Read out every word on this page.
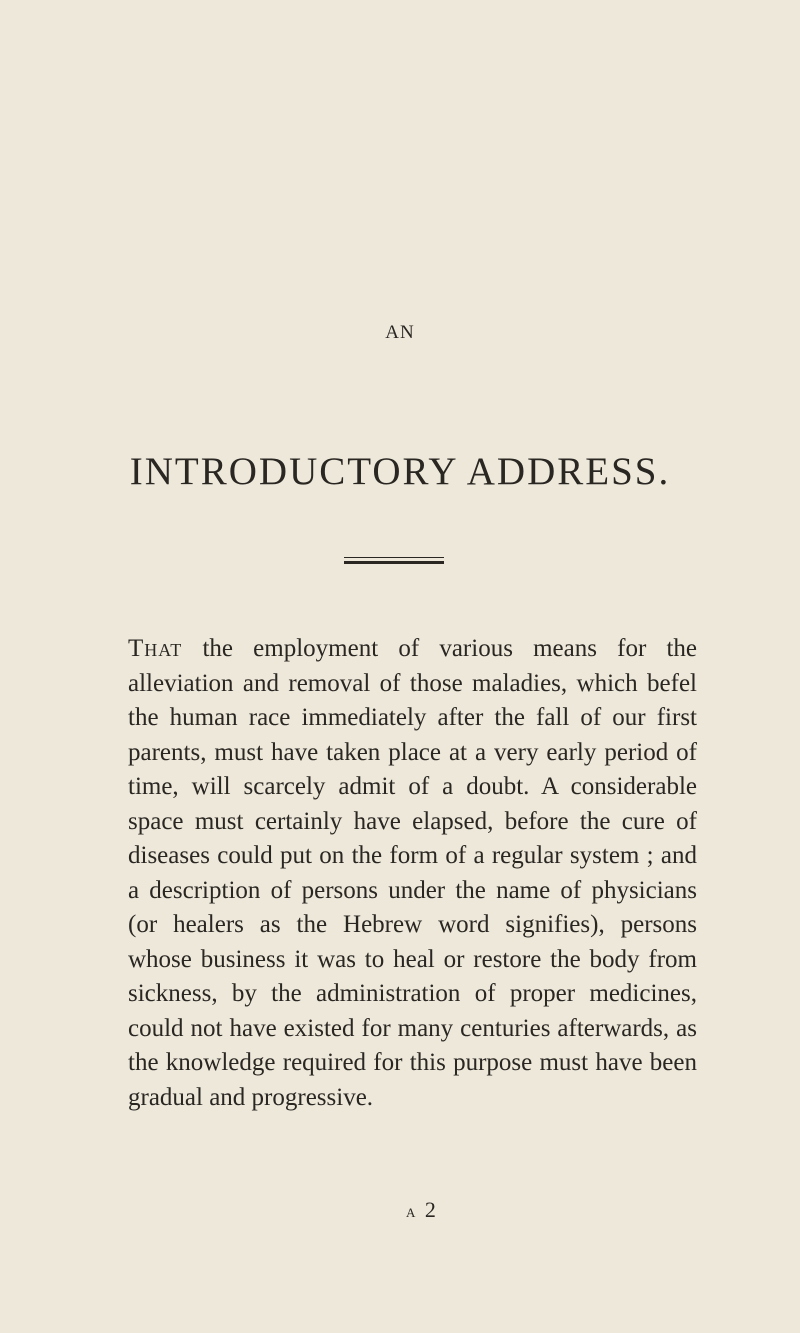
AN
INTRODUCTORY ADDRESS.

That the employment of various means for the alleviation and removal of those maladies, which befel the human race immediately after the fall of our first parents, must have taken place at a very early period of time, will scarcely admit of a doubt. A considerable space must certainly have elapsed, before the cure of diseases could put on the form of a regular system ; and a description of persons under the name of physicians (or healers as the Hebrew word signifies), persons whose business it was to heal or restore the body from sickness, by the administration of proper medicines, could not have existed for many centuries afterwards, as the knowledge required for this purpose must have been gradual and progressive.

a 2
